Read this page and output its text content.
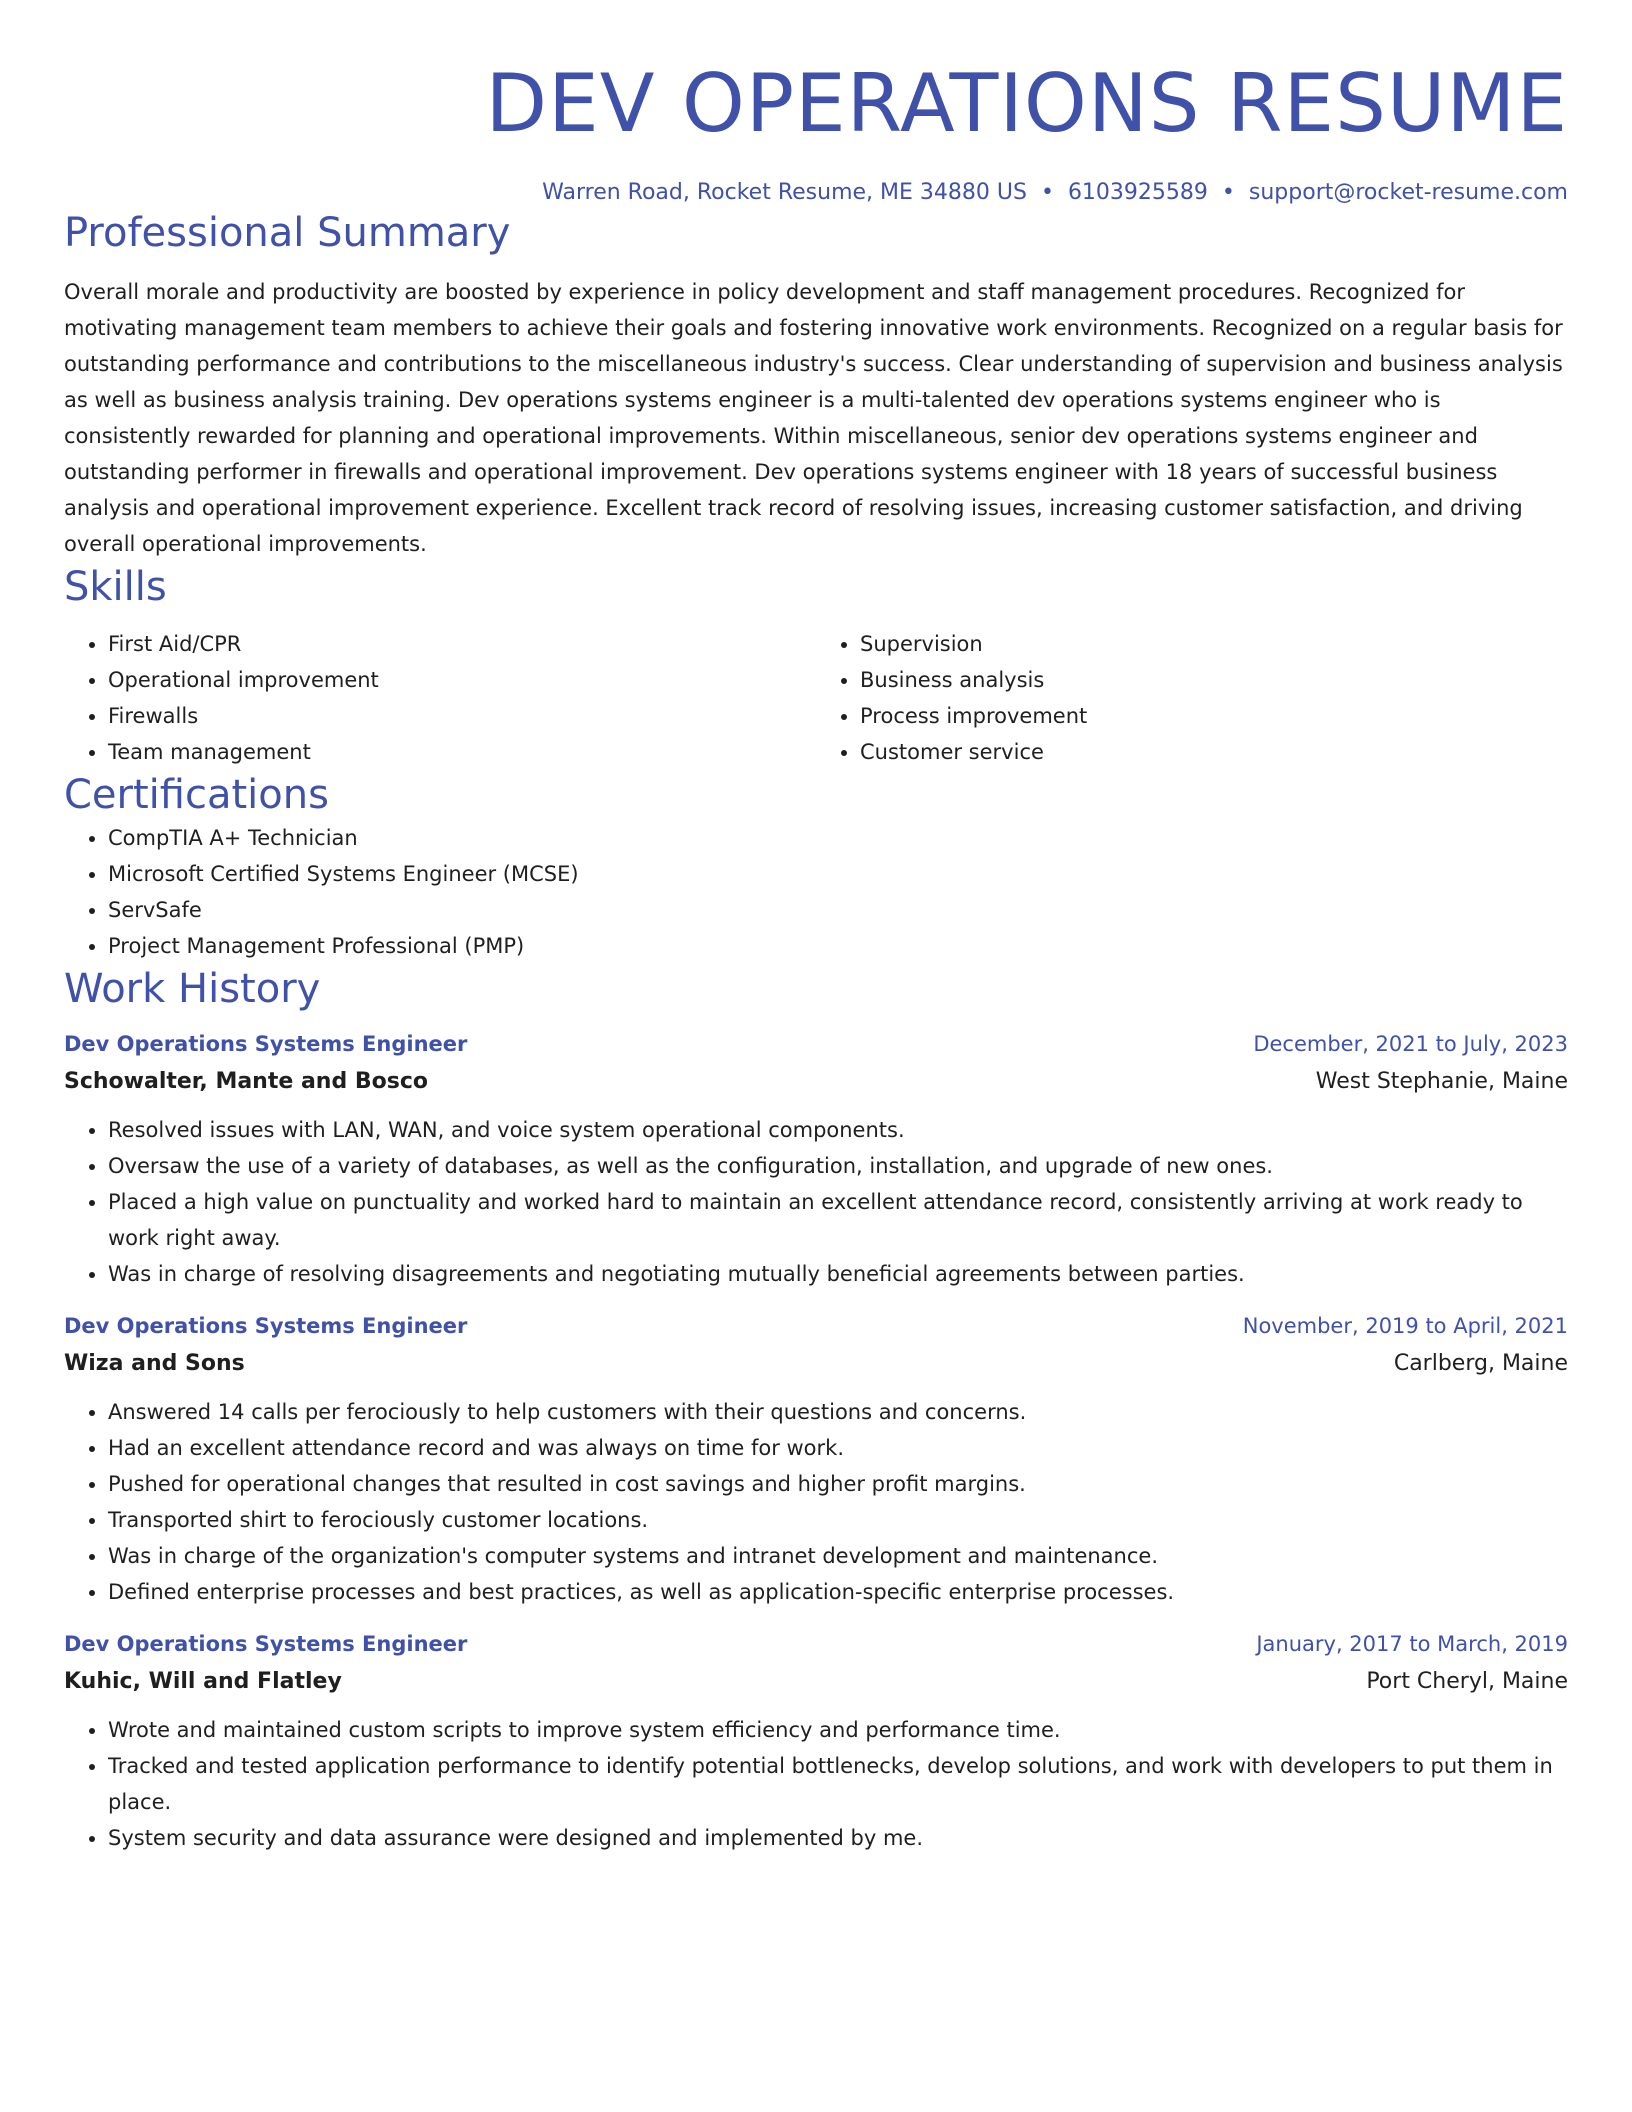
DEV OPERATIONS RESUME
Warren Road, Rocket Resume, ME 34880 US • 6103925589 • support@rocket-resume.com
Professional Summary
Overall morale and productivity are boosted by experience in policy development and staff management procedures. Recognized for motivating management team members to achieve their goals and fostering innovative work environments. Recognized on a regular basis for outstanding performance and contributions to the miscellaneous industry's success. Clear understanding of supervision and business analysis as well as business analysis training. Dev operations systems engineer is a multi-talented dev operations systems engineer who is consistently rewarded for planning and operational improvements. Within miscellaneous, senior dev operations systems engineer and outstanding performer in firewalls and operational improvement. Dev operations systems engineer with 18 years of successful business analysis and operational improvement experience. Excellent track record of resolving issues, increasing customer satisfaction, and driving overall operational improvements.
Skills
• First Aid/CPR
• Operational improvement
• Firewalls
• Team management
• Supervision
• Business analysis
• Process improvement
• Customer service
Certifications
• CompTIA A+ Technician
• Microsoft Certified Systems Engineer (MCSE)
• ServSafe
• Project Management Professional (PMP)
Work History
Dev Operations Systems Engineer	December, 2021 to July, 2023
Schowalter, Mante and Bosco	West Stephanie, Maine
• Resolved issues with LAN, WAN, and voice system operational components.
• Oversaw the use of a variety of databases, as well as the configuration, installation, and upgrade of new ones.
• Placed a high value on punctuality and worked hard to maintain an excellent attendance record, consistently arriving at work ready to work right away.
• Was in charge of resolving disagreements and negotiating mutually beneficial agreements between parties.
Dev Operations Systems Engineer	November, 2019 to April, 2021
Wiza and Sons	Carlberg, Maine
• Answered 14 calls per ferociously to help customers with their questions and concerns.
• Had an excellent attendance record and was always on time for work.
• Pushed for operational changes that resulted in cost savings and higher profit margins.
• Transported shirt to ferociously customer locations.
• Was in charge of the organization's computer systems and intranet development and maintenance.
• Defined enterprise processes and best practices, as well as application-specific enterprise processes.
Dev Operations Systems Engineer	January, 2017 to March, 2019
Kuhic, Will and Flatley	Port Cheryl, Maine
• Wrote and maintained custom scripts to improve system efficiency and performance time.
• Tracked and tested application performance to identify potential bottlenecks, develop solutions, and work with developers to put them in place.
• System security and data assurance were designed and implemented by me.
